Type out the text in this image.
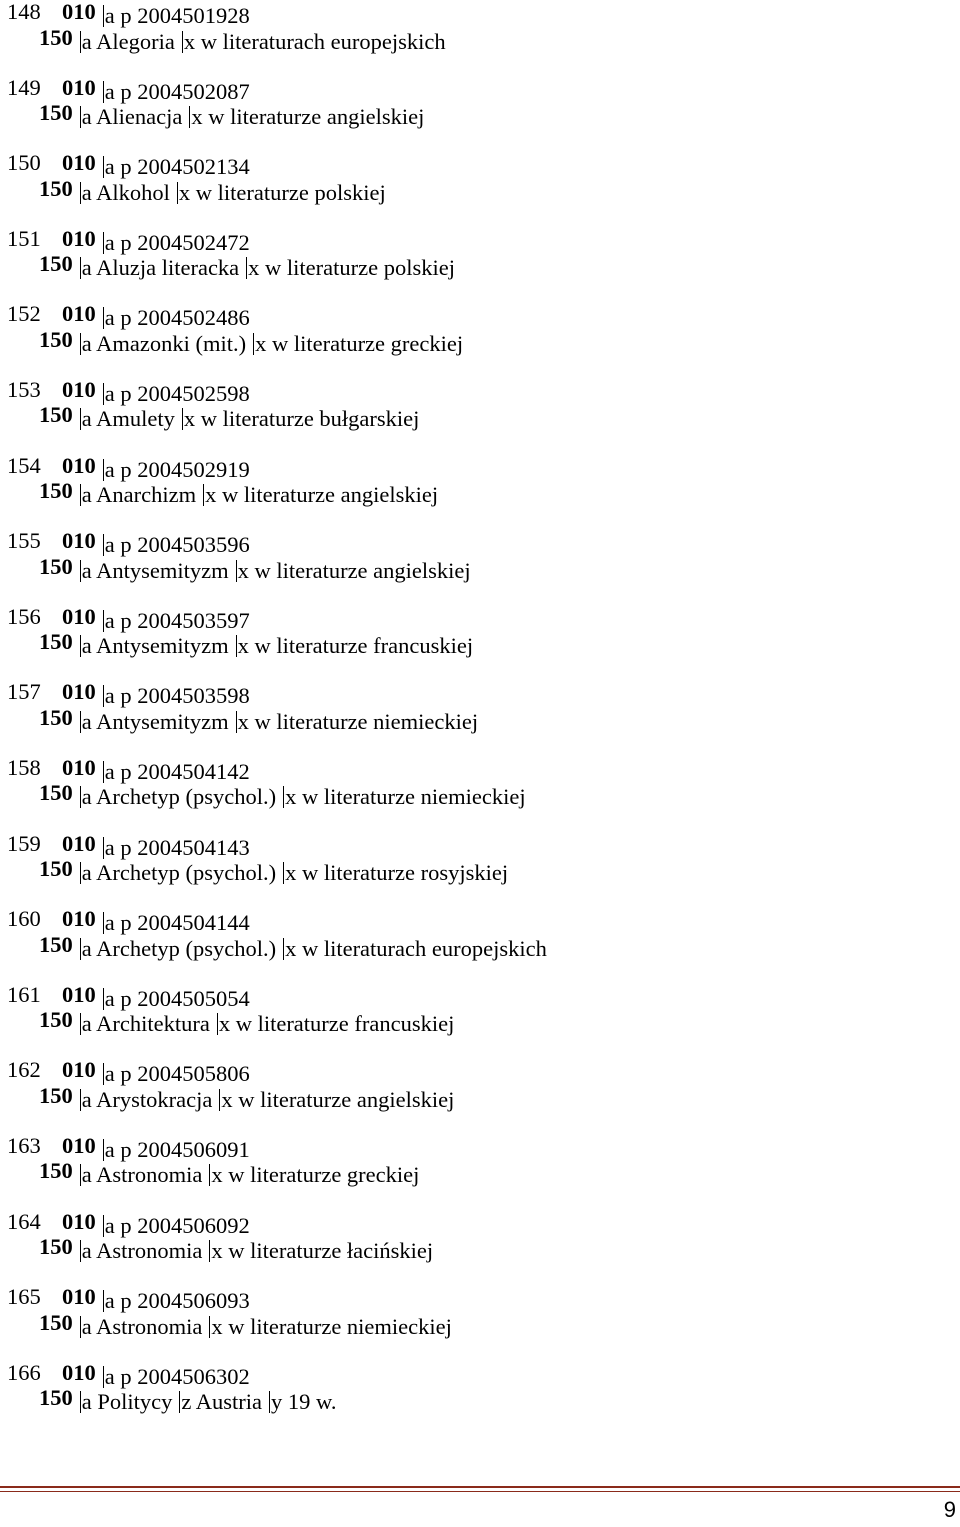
148 010 a p 2004501928
150 a Alegoria x w literaturach europejskich
149 010 a p 2004502087
150 a Alienacja x w literaturze angielskiej
150 010 a p 2004502134
150 a Alkohol x w literaturze polskiej
151 010 a p 2004502472
150 a Aluzja literacka x w literaturze polskiej
152 010 a p 2004502486
150 a Amazonki (mit.) x w literaturze greckiej
153 010 a p 2004502598
150 a Amulety x w literaturze bułgarskiej
154 010 a p 2004502919
150 a Anarchizm x w literaturze angielskiej
155 010 a p 2004503596
150 a Antysemityzm x w literaturze angielskiej
156 010 a p 2004503597
150 a Antysemityzm x w literaturze francuskiej
157 010 a p 2004503598
150 a Antysemityzm x w literaturze niemieckiej
158 010 a p 2004504142
150 a Archetyp (psychol.) x w literaturze niemieckiej
159 010 a p 2004504143
150 a Archetyp (psychol.) x w literaturze rosyjskiej
160 010 a p 2004504144
150 a Archetyp (psychol.) x w literaturach europejskich
161 010 a p 2004505054
150 a Architektura x w literaturze francuskiej
162 010 a p 2004505806
150 a Arystokracja x w literaturze angielskiej
163 010 a p 2004506091
150 a Astronomia x w literaturze greckiej
164 010 a p 2004506092
150 a Astronomia x w literaturze łacińskiej
165 010 a p 2004506093
150 a Astronomia x w literaturze niemieckiej
166 010 a p 2004506302
150 a Politycy z Austria y 19 w.
9
